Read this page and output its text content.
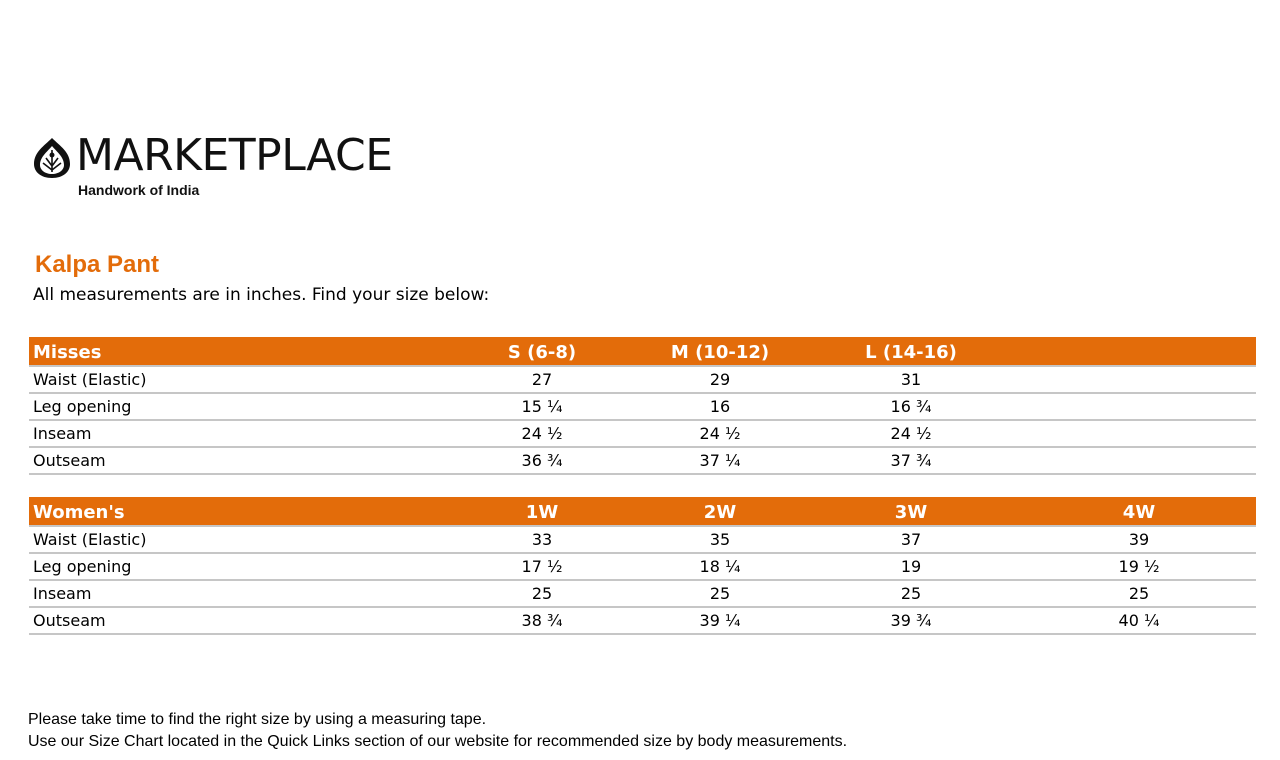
MARKETPLACE
Handwork of India
Kalpa Pant
All measurements are in inches. Find your size below:
Misses	S (6-8)	M (10-12)	L (14-16)	
Waist (Elastic)	27	29	31	
Leg opening	15 ¼	16	16 ¾	
Inseam	24 ½	24 ½	24 ½	
Outseam	36 ¾	37 ¼	37 ¾	
Women's	1W	2W	3W	4W
Waist (Elastic)	33	35	37	39
Leg opening	17 ½	18 ¼	19	19 ½
Inseam	25	25	25	25
Outseam	38 ¾	39 ¼	39 ¾	40 ¼
Please take time to find the right size by using a measuring tape.
Use our Size Chart located in the Quick Links section of our website for recommended size by body measurements.
